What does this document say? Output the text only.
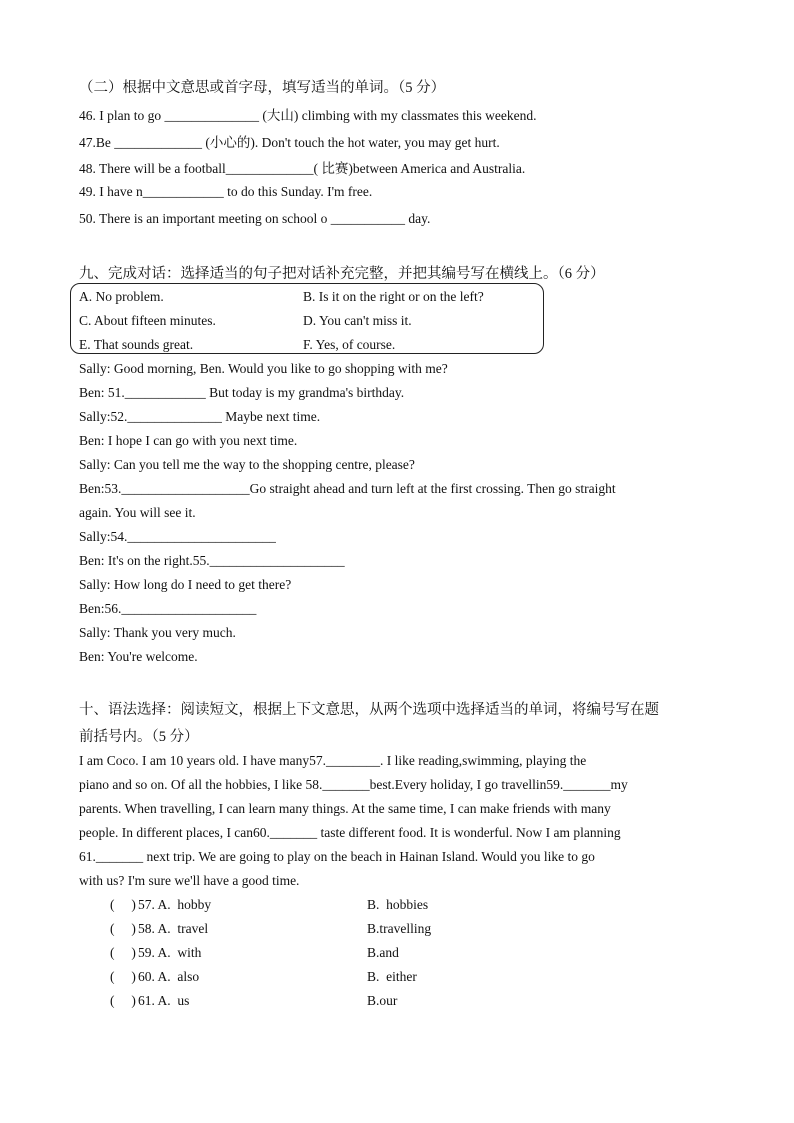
（二）根据中文意思或首字母，填写适当的单词。（5 分）
46. I plan to go ______________ (大山) climbing with my classmates this weekend.
47.Be _____________ (小心的). Don't touch the hot water, you may get hurt.
48. There will be a football_____________( 比赛)between America and Australia.
49. I have n____________ to do this Sunday. I'm free.
50. There is an important meeting on school o ___________ day.
九、完成对话：选择适当的句子把对话补充完整，并把其编号写在横线上。（6 分）
A. No problem.	B. Is it on the right or on the left?
C. About fifteen minutes.	D. You can't miss it.
E. That sounds great.	F. Yes, of course.
Sally: Good morning, Ben. Would you like to go shopping with me?
Ben: 51.____________ But today is my grandma's birthday.
Sally:52.______________ Maybe next time.
Ben: I hope I can go with you next time.
Sally: Can you tell me the way to the shopping centre, please?
Ben:53.___________________Go straight ahead and turn left at the first crossing. Then go straight
again. You will see it.
Sally:54.______________________
Ben: It's on the right.55.____________________
Sally: How long do I need to get there?
Ben:56.____________________
Sally: Thank you very much.
Ben: You're welcome.
十、语法选择：阅读短文，根据上下文意思，从两个选项中选择适当的单词，将编号写在题
前括号内。（5 分）
I am Coco. I am 10 years old. I have many57.________. I like reading,swimming, playing the
piano and so on. Of all the hobbies, I like 58._______best.Every holiday, I go travellin59._______my
parents. When travelling, I can learn many things. At the same time, I can make friends with many
people. In different places, I can60._______ taste different food. It is wonderful. Now I am planning
61._______ next trip. We are going to play on the beach in Hainan Island. Would you like to go
with us? I'm sure we'll have a good time.
(     ) 57. A.  hobby	B.  hobbies
(     ) 58. A.  travel	B.travelling
(     ) 59. A.  with	B.and
(     ) 60. A.  also	B.  either
(     ) 61. A.  us	B.our
